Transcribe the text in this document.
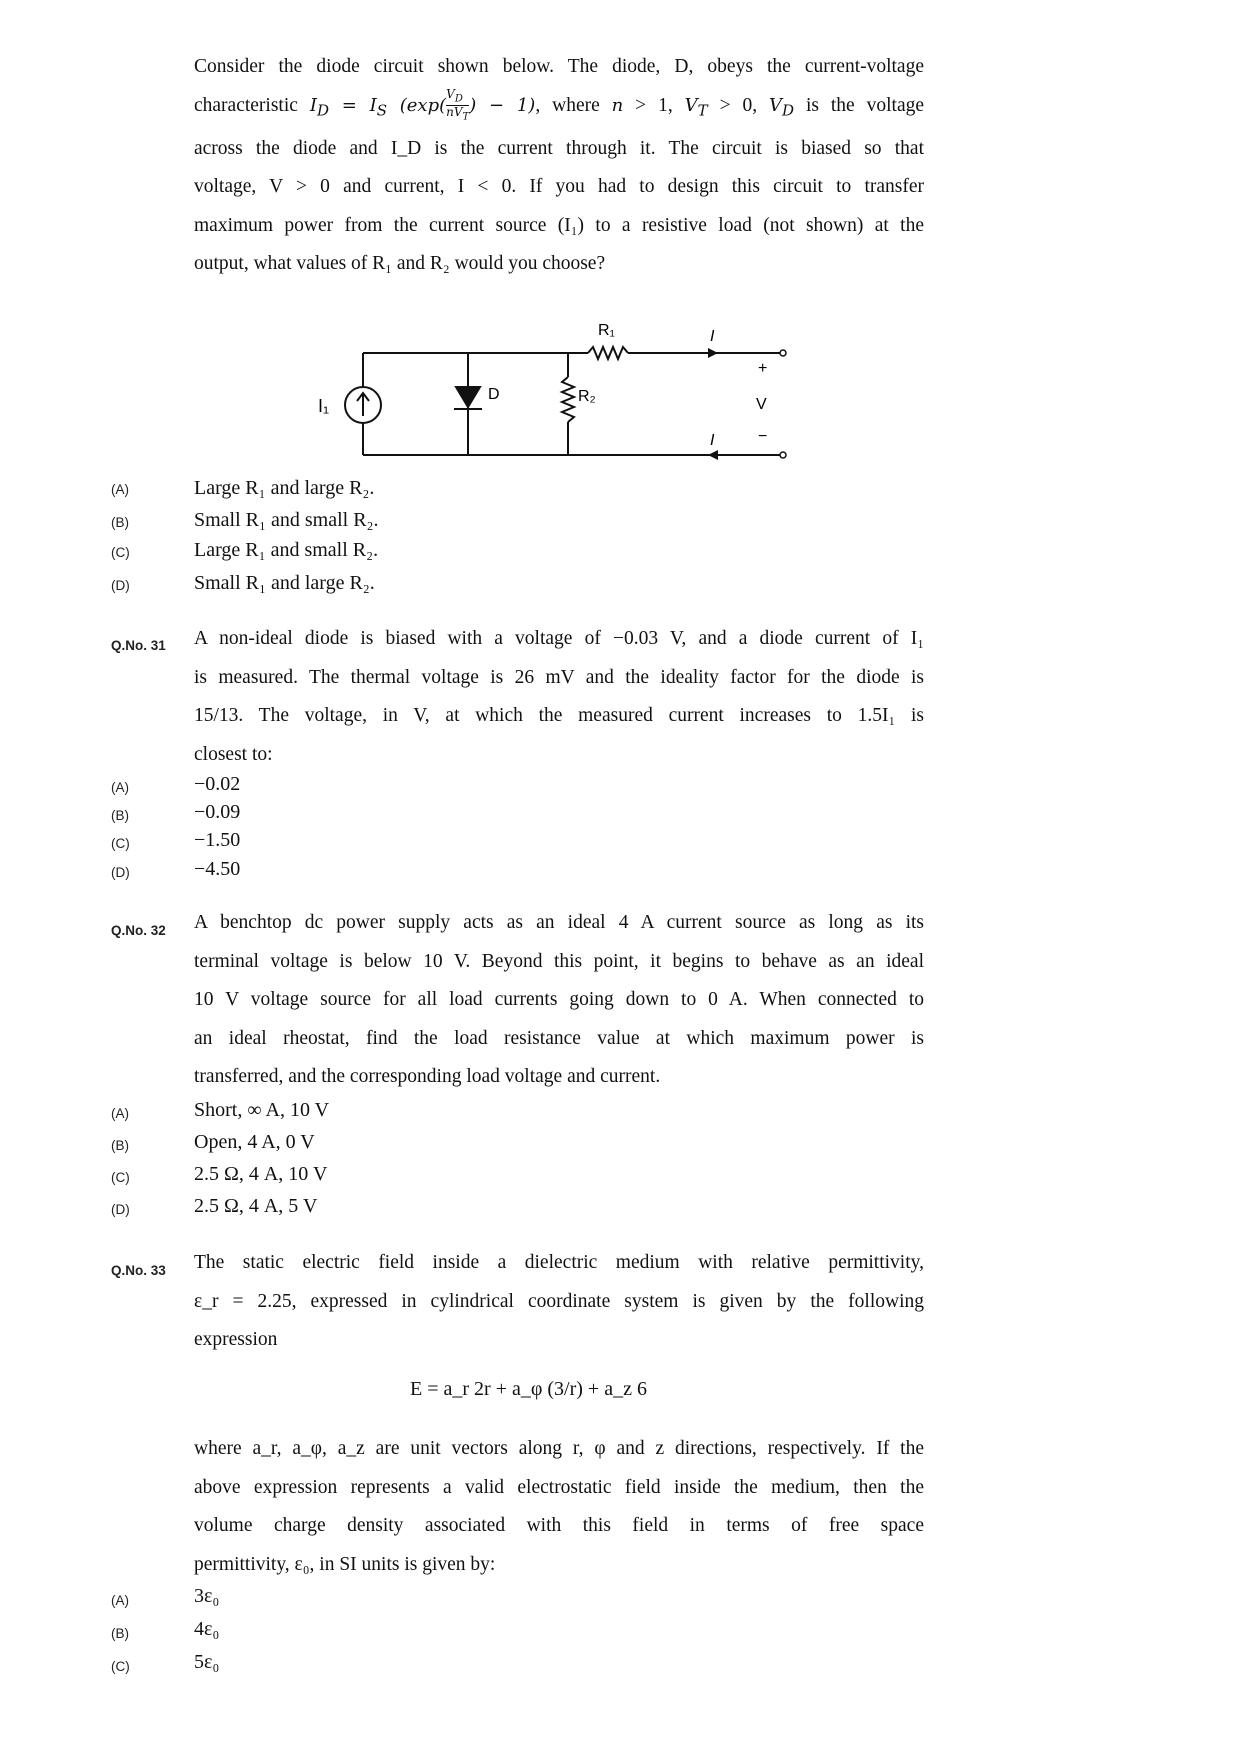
Consider the diode circuit shown below. The diode, D, obeys the current-voltage
characteristic $I_D = I_S$ (exp(
$V_D$
$nV_T$
) − 1), where n > 1, $V_T > 0$, $V_D$ is the voltage
across the diode and I_D is the current through it. The circuit is biased so that
voltage, V > 0 and current, I < 0. If you had to design this circuit to transfer
maximum power from the current source (I₁) to a resistive load (not shown) at the
output, what values of R₁ and R₂ would you choose?
I₁
D	R₂
R₁	I
I
+
V
−
(A)	Large R₁ and large R₂.
(B)	Small R₁ and small R₂.
(C)	Large R₁ and small R₂.
(D)	Small R₁ and large R₂.
Q.No. 31 A non-ideal diode is biased with a voltage of −0.03 V, and a diode current of I₁
is measured. The thermal voltage is 26 mV and the ideality factor for the diode is
15/13. The voltage, in V, at which the measured current increases to 1.5I₁ is
closest to:
(A)	−0.02
(B)	−0.09
(C)	−1.50
(D)	−4.50
Q.No. 32 A benchtop dc power supply acts as an ideal 4 A current source as long as its
terminal voltage is below 10 V. Beyond this point, it begins to behave as an ideal
10 V voltage source for all load currents going down to 0 A. When connected to
an ideal rheostat, find the load resistance value at which maximum power is
transferred, and the corresponding load voltage and current.
(A)	Short, ∞ A, 10 V
(B)	Open, 4 A, 0 V
(C)	2.5 Ω, 4 A, 10 V
(D)	2.5 Ω, 4 A, 5 V
Q.No. 33 The static electric field inside a dielectric medium with relative permittivity,
ε_r = 2.25, expressed in cylindrical coordinate system is given by the following
expression
E = a_r 2r + a_φ (3/r) + a_z 6
where a_r, a_φ, a_z are unit vectors along r, φ and z directions, respectively. If the
above expression represents a valid electrostatic field inside the medium, then the
volume charge density associated with this field in terms of free space
permittivity, ε₀, in SI units is given by:
(A)	3ε₀
(B)	4ε₀
(C)	5ε₀
